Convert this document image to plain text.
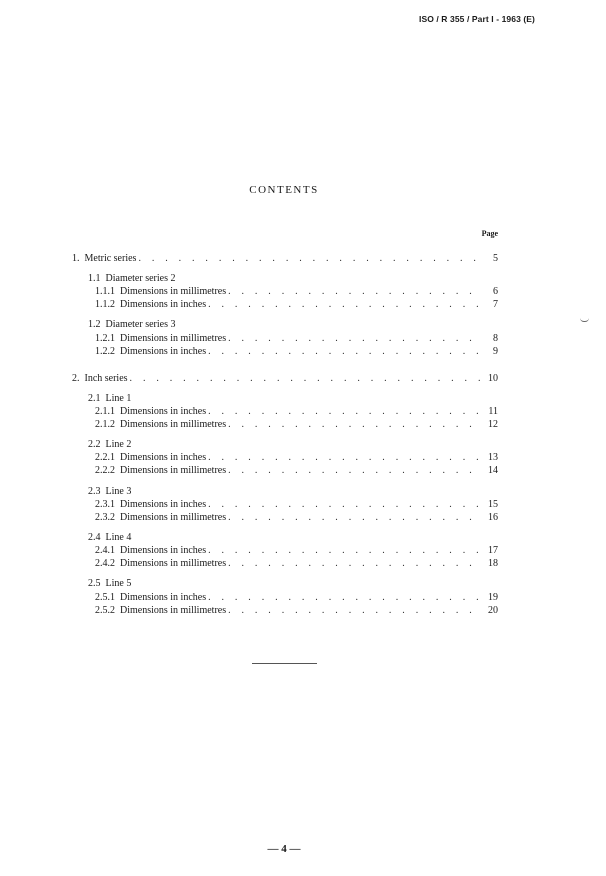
ISO / R 355 / Part I - 1963 (E)
CONTENTS
Page
1. Metric series . . .	5
1.1 Diameter series 2
1.1.1 Dimensions in millimetres . . .	6
1.1.2 Dimensions in inches . . .	7
1.2 Diameter series 3
1.2.1 Dimensions in millimetres . . .	8
1.2.2 Dimensions in inches . . .	9
2. Inch series . . .	10
2.1 Line 1
2.1.1 Dimensions in inches . . .	11
2.1.2 Dimensions in millimetres . . .	12
2.2 Line 2
2.2.1 Dimensions in inches . . .	13
2.2.2 Dimensions in millimetres . . .	14
2.3 Line 3
2.3.1 Dimensions in inches . . .	15
2.3.2 Dimensions in millimetres . . .	16
2.4 Line 4
2.4.1 Dimensions in inches . . .	17
2.4.2 Dimensions in millimetres . . .	18
2.5 Line 5
2.5.1 Dimensions in inches . . .	19
2.5.2 Dimensions in millimetres . . .	20
— 4 —
